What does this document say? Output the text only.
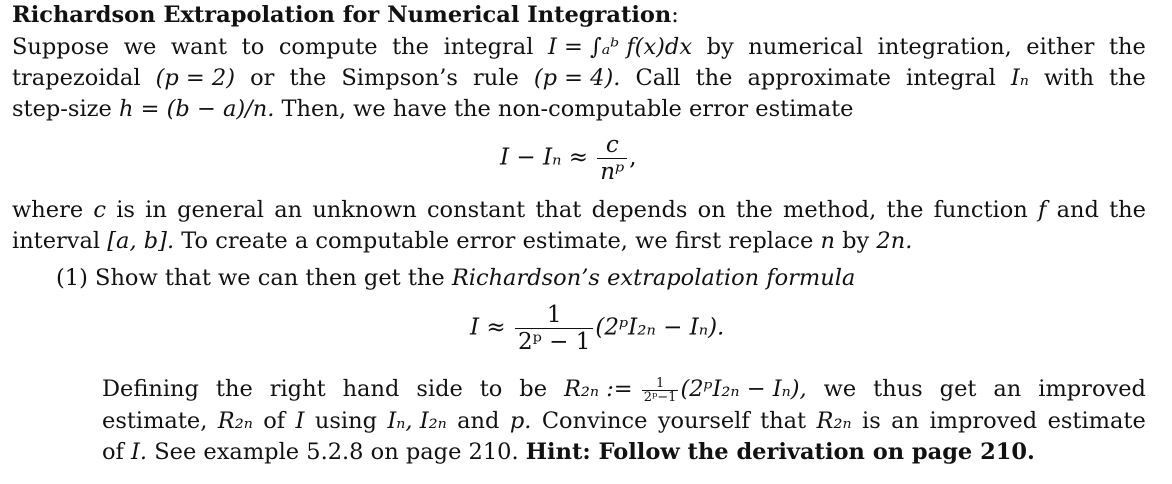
Richardson Extrapolation for Numerical Integration:
Suppose we want to compute the integral I = ∫ₐᵇ f(x)dx by numerical integration, either the
trapezoidal (p = 2) or the Simpson’s rule (p = 4). Call the approximate integral Iₙ with the
step-size h = (b − a)/n. Then, we have the non-computable error estimate
$I - I_n \approx \frac{c}{\text{nᵖ}}$ ,
where c is in general an unknown constant that depends on the method, the function f and the
interval [a, b]. To create a computable error estimate, we first replace n by 2n.
(1) Show that we can then get the Richardson’s extrapolation formula
$I \approx \frac{1}{\text{2ᵖ − 1}}$ (2ᵖI₂ₙ − Iₙ).
Defining the right hand side to be R₂ₙ := $\frac{1}{\text{2ᵖ−1}}$ (2ᵖI₂ₙ − Iₙ), we thus get an improved
estimate, R₂ₙ of I using Iₙ, I₂ₙ and p. Convince yourself that R₂ₙ is an improved estimate
of I. See example 5.2.8 on page 210. Hint: Follow the derivation on page 210.
